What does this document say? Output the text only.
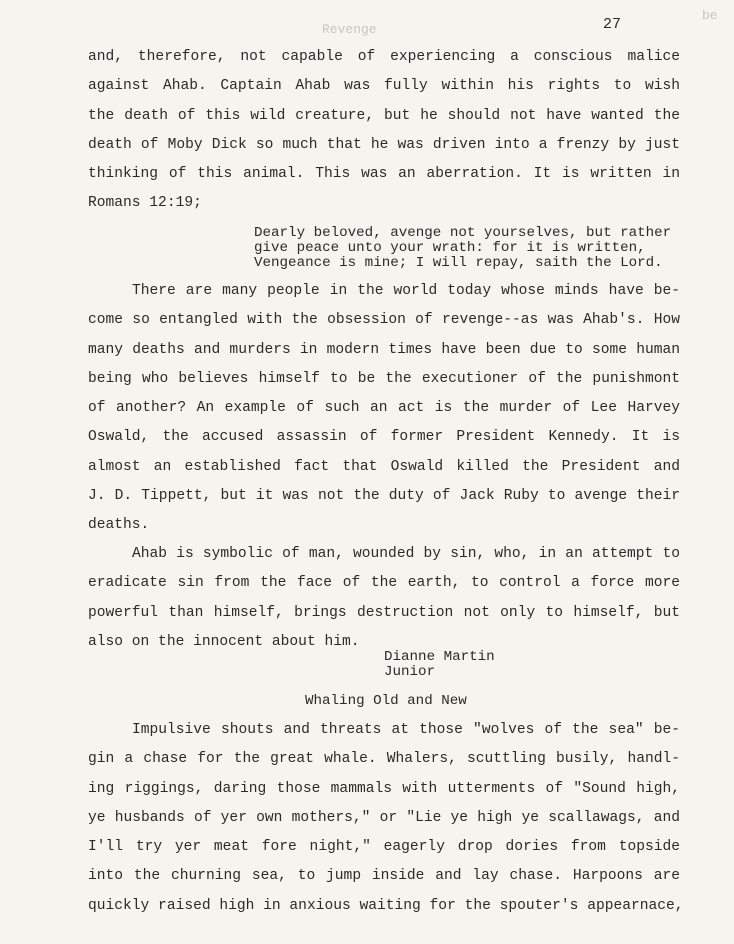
Revenge
be
27
and, therefore, not capable of experiencing a conscious malice
against Ahab. Captain Ahab was fully within his rights to wish
the death of this wild creature, but he should not have wanted the
death of Moby Dick so much that he was driven into a frenzy by just
thinking of this animal. This was an aberration. It is written in
Romans 12:19;
Dearly beloved, avenge not yourselves, but rather
give peace unto your wrath: for it is written,
Vengeance is mine; I will repay, saith the Lord.
There are many people in the world today whose minds have be-
come so entangled with the obsession of revenge--as was Ahab's. How
many deaths and murders in modern times have been due to some human
being who believes himself to be the executioner of the punishmont
of another? An example of such an act is the murder of Lee Harvey
Oswald, the accused assassin of former President Kennedy. It is
almost an established fact that Oswald killed the President and
J. D. Tippett, but it was not the duty of Jack Ruby to avenge their
deaths.
Ahab is symbolic of man, wounded by sin, who, in an attempt to
eradicate sin from the face of the earth, to control a force more
powerful than himself, brings destruction not only to himself, but
also on the innocent about him.
Dianne Martin
Junior
Whaling Old and New
Impulsive shouts and threats at those "wolves of the sea" be-
gin a chase for the great whale. Whalers, scuttling busily, handl-
ing riggings, daring those mammals with utterments of "Sound high,
ye husbands of yer own mothers," or "Lie ye high ye scallawags, and
I'll try yer meat fore night," eagerly drop dories from topside
into the churning sea, to jump inside and lay chase. Harpoons are
quickly raised high in anxious waiting for the spouter's appearnace,
